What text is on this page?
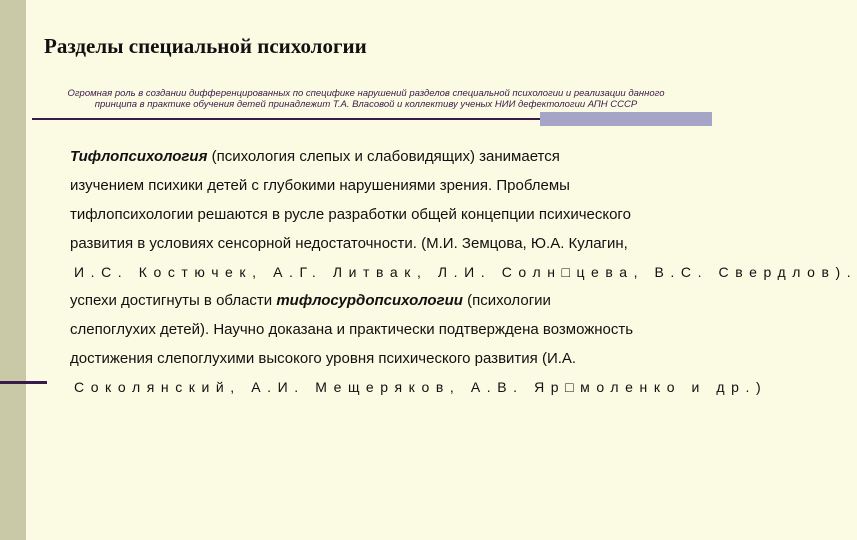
Разделы специальной психологии
Огромная роль в создании дифференцированных по специфике нарушений разделов специальной психологии и реализации данного принципа в практике обучения детей принадлежит Т.А. Власовой и коллективу ученых НИИ дефектологии АПН СССР
Тифлопсихология (психология слепых и слабовидящих) занимается
изучением психики детей с глубокими нарушениями зрения. Проблемы
тифлопсихологии решаются в русле разработки общей концепции психического
развития в условиях сенсорной недостаточности. (М.И. Земцова, Ю.А. Кулагин,
И.С. Костючек, А.Г. Литвак, Л.И. Солн□цева, В.С. Свердлов).
успехи достигнуты в области тифлосурдопсихологии (психологии
слепоглухих детей). Научно доказана и практически подтверждена возможность
достижения слепоглухими высокого уровня психического развития (И.А.
Соколянский, А.И. Мещеряков, А.В. Яр□моленко и др.)
